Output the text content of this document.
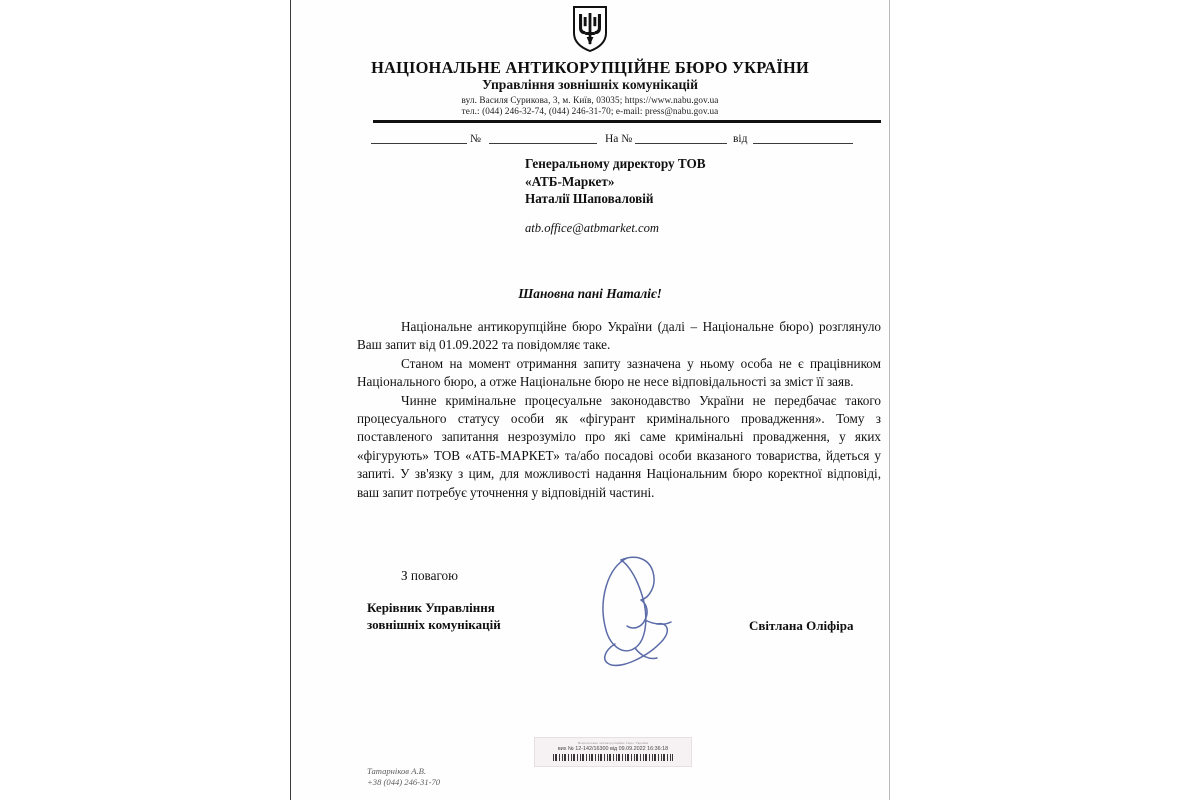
НАЦІОНАЛЬНЕ АНТИКОРУПЦІЙНЕ БЮРО УКРАЇНИ
Управління зовнішніх комунікацій
вул. Василя Сурикова, 3, м. Київ, 03035; https://www.nabu.gov.ua
тел.: (044) 246-32-74, (044) 246-31-70; e-mail: press@nabu.gov.ua
№	На №	від
Генеральному директору ТОВ
«АТБ-Маркет»
Наталії Шаповаловій
atb.office@atbmarket.com
Шановна пані Наталіє!

Національне антикорупційне бюро України (далі – Національне бюро) розглянуло Ваш запит від 01.09.2022 та повідомляє таке.

Станом на момент отримання запиту зазначена у ньому особа не є працівником Національного бюро, а отже Національне бюро не несе відповідальності за зміст її заяв.

Чинне кримінальне процесуальне законодавство України не передбачає такого процесуального статусу особи як «фігурант кримінального провадження». Тому з поставленого запитання незрозуміло про які саме кримінальні провадження, у яких «фігурують» ТОВ «АТБ-МАРКЕТ» та/або посадові особи вказаного товариства, йдеться у запиті. У зв'язку з цим, для можливості надання Національним бюро коректної відповіді, ваш запит потребує уточнення у відповідній частині.

З повагою
Керівник Управління
зовнішніх комунікацій	Світлана Оліфіра
Національне антикорупційне бюро України
вих № 12-142/16300 від 09.09.2022 16:36:18
Татарніков А.В.
+38 (044) 246-31-70
